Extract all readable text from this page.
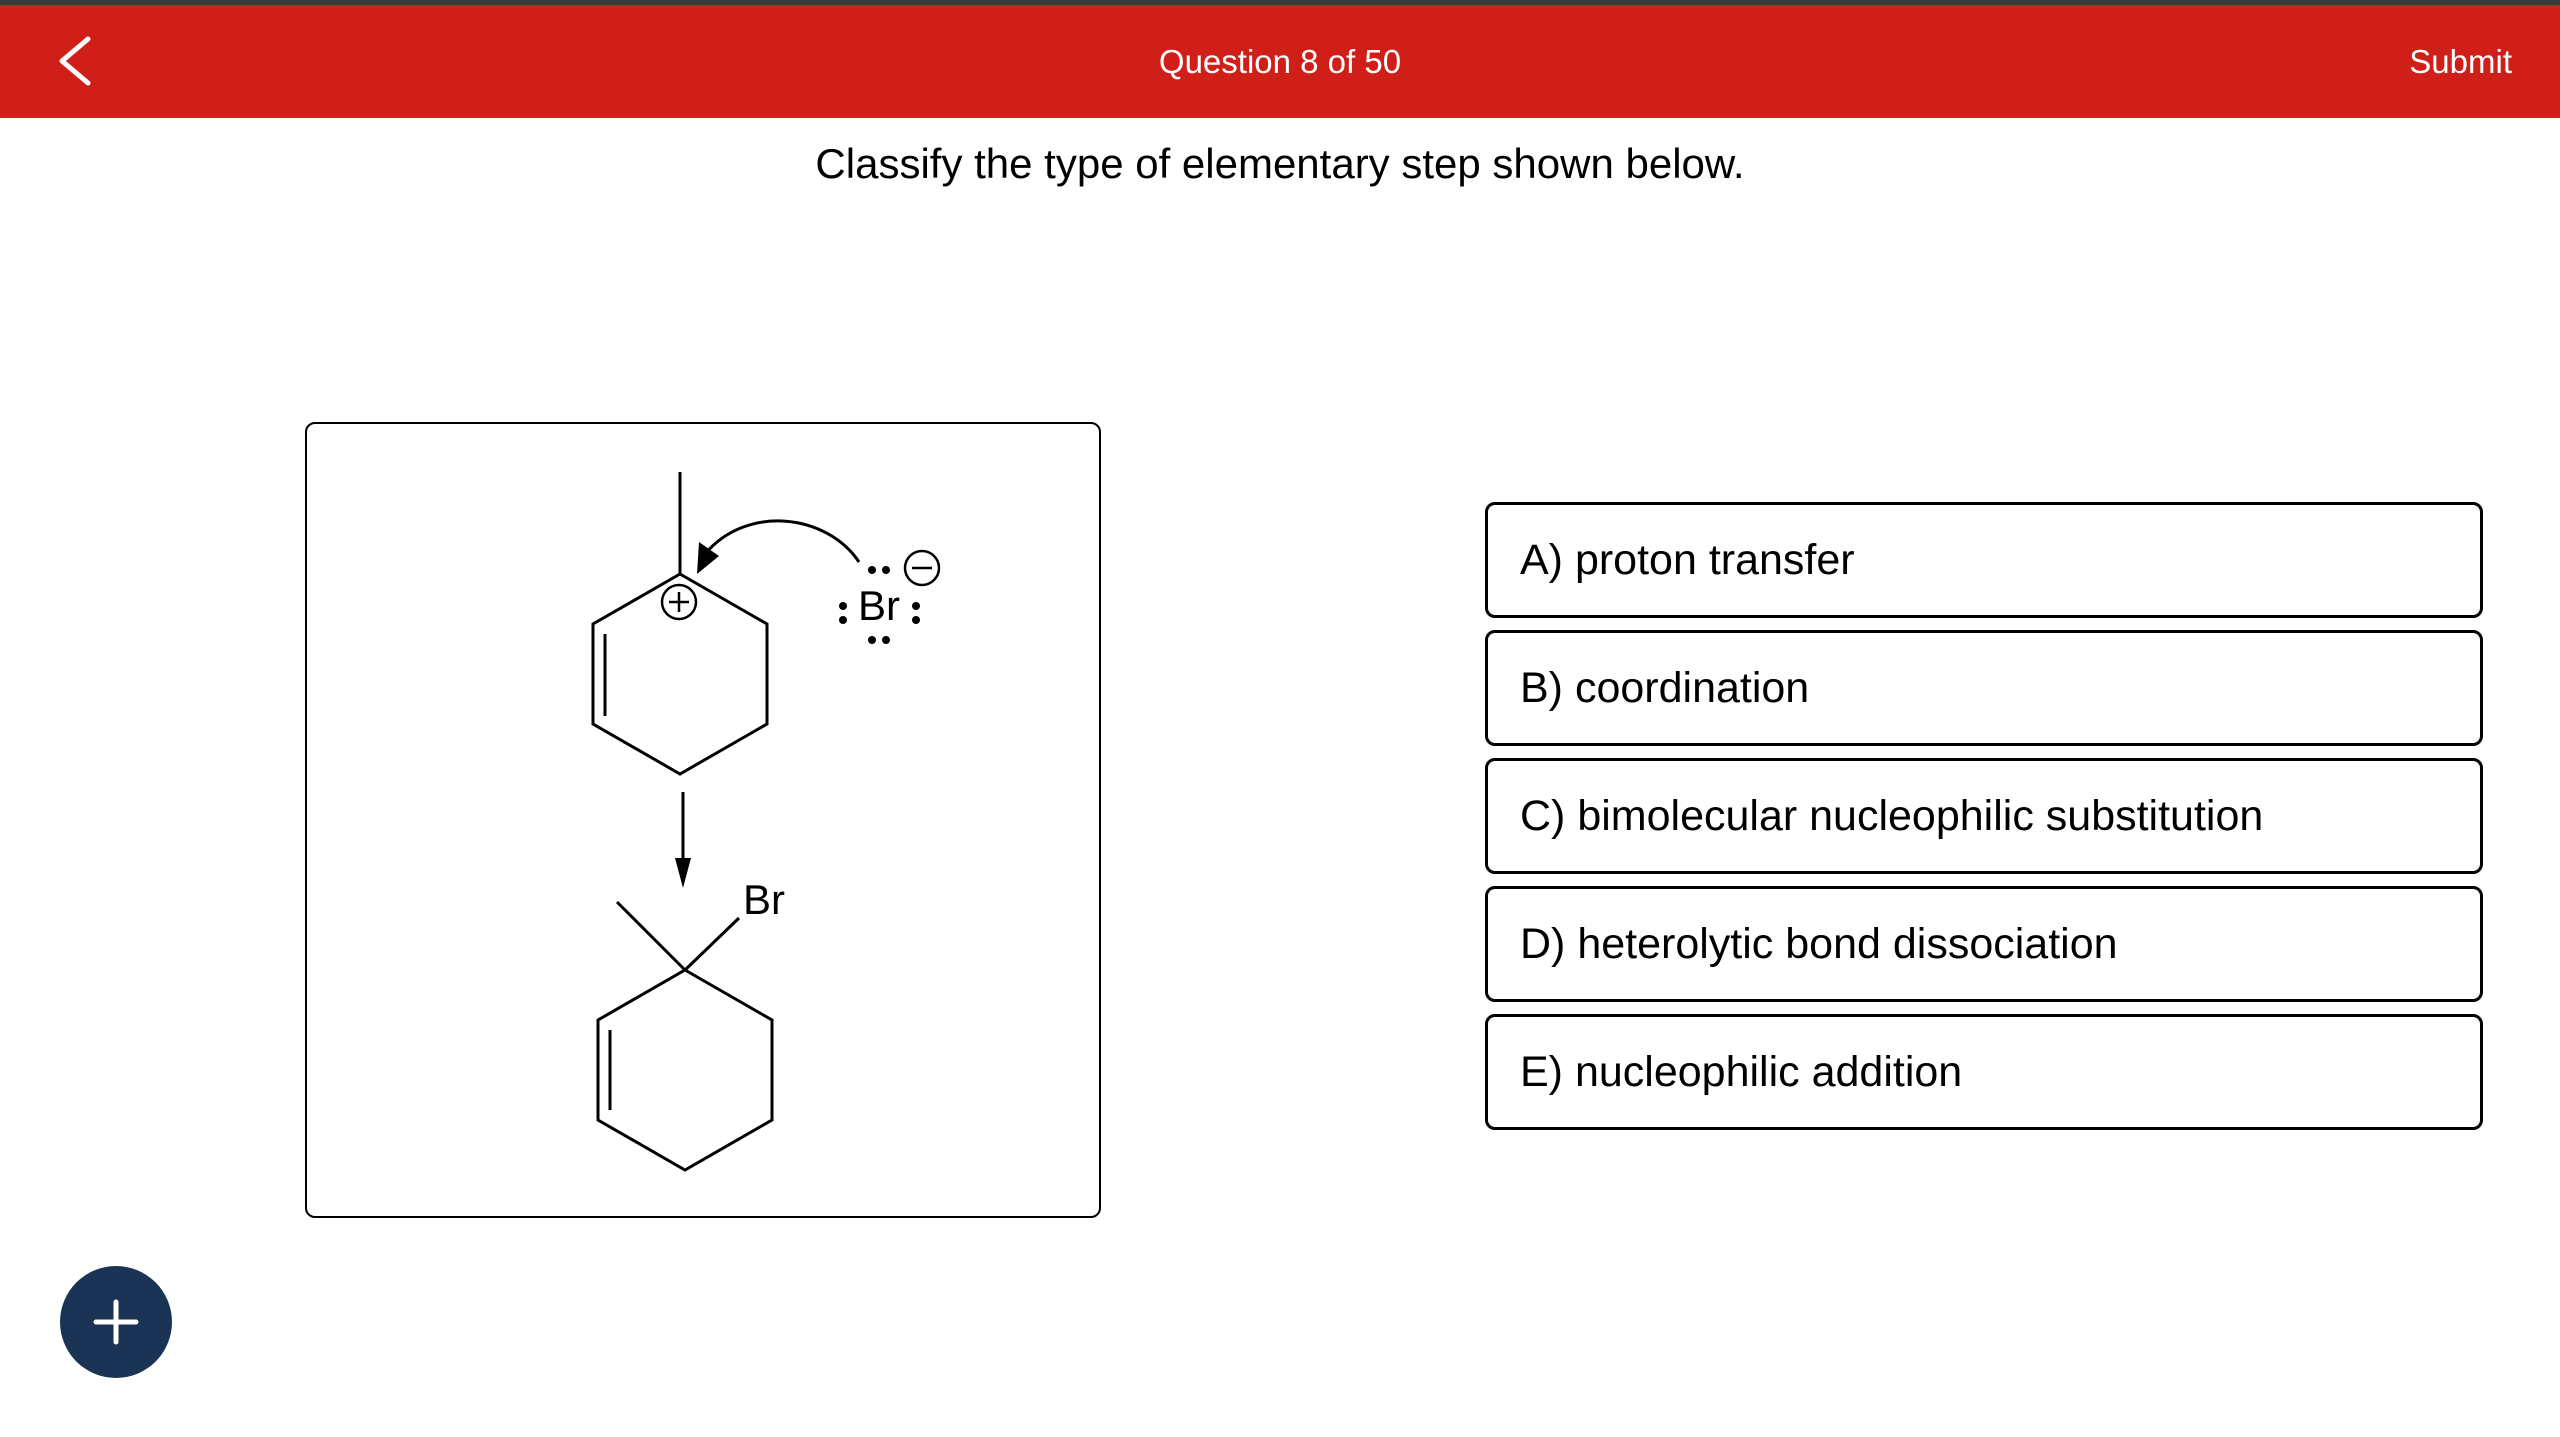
Question 8 of 50	Submit
Classify the type of elementary step shown below.
Br
Br
A) proton transfer
B) coordination
C) bimolecular nucleophilic substitution
D) heterolytic bond dissociation
E) nucleophilic addition
